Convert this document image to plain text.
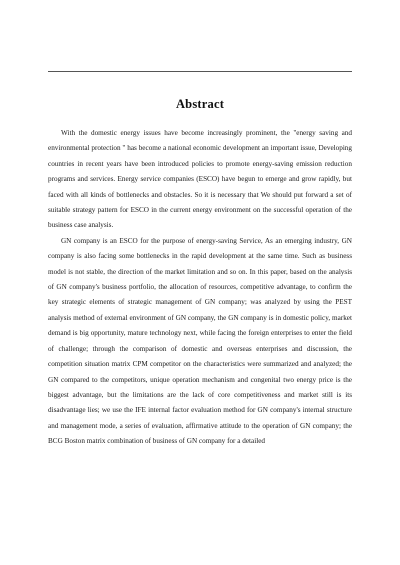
Abstract

With the domestic energy issues have become increasingly prominent, the "energy saving and environmental protection " has become a national economic development an important issue, Developing countries in recent years have been introduced policies to promote energy-saving emission reduction programs and services. Energy service companies (ESCO) have begun to emerge and grow rapidly, but faced with all kinds of bottlenecks and obstacles. So it is necessary that We should put forward a set of suitable strategy pattern for ESCO in the current energy environment on the successful operation of the business case analysis.

GN company is an ESCO for the purpose of energy-saving Service, As an emerging industry, GN company is also facing some bottlenecks in the rapid development at the same time. Such as business model is not stable, the direction of the market limitation and so on. In this paper, based on the analysis of GN company's business portfolio, the allocation of resources, competitive advantage, to confirm the key strategic elements of strategic management of GN company; was analyzed by using the PEST analysis method of external environment of GN company, the GN company is in domestic policy, market demand is big opportunity, mature technology next, while facing the foreign enterprises to enter the field of challenge; through the comparison of domestic and overseas enterprises and discussion, the competition situation matrix CPM competitor on the characteristics were summarized and analyzed; the GN compared to the competitors, unique operation mechanism and congenital two energy price is the biggest advantage, but the limitations are the lack of core competitiveness and market still is its disadvantage lies; we use the IFE internal factor evaluation method for GN company's internal structure and management mode, a series of evaluation, affirmative attitude to the operation of GN company; the BCG Boston matrix combination of business of GN company for a detailed
